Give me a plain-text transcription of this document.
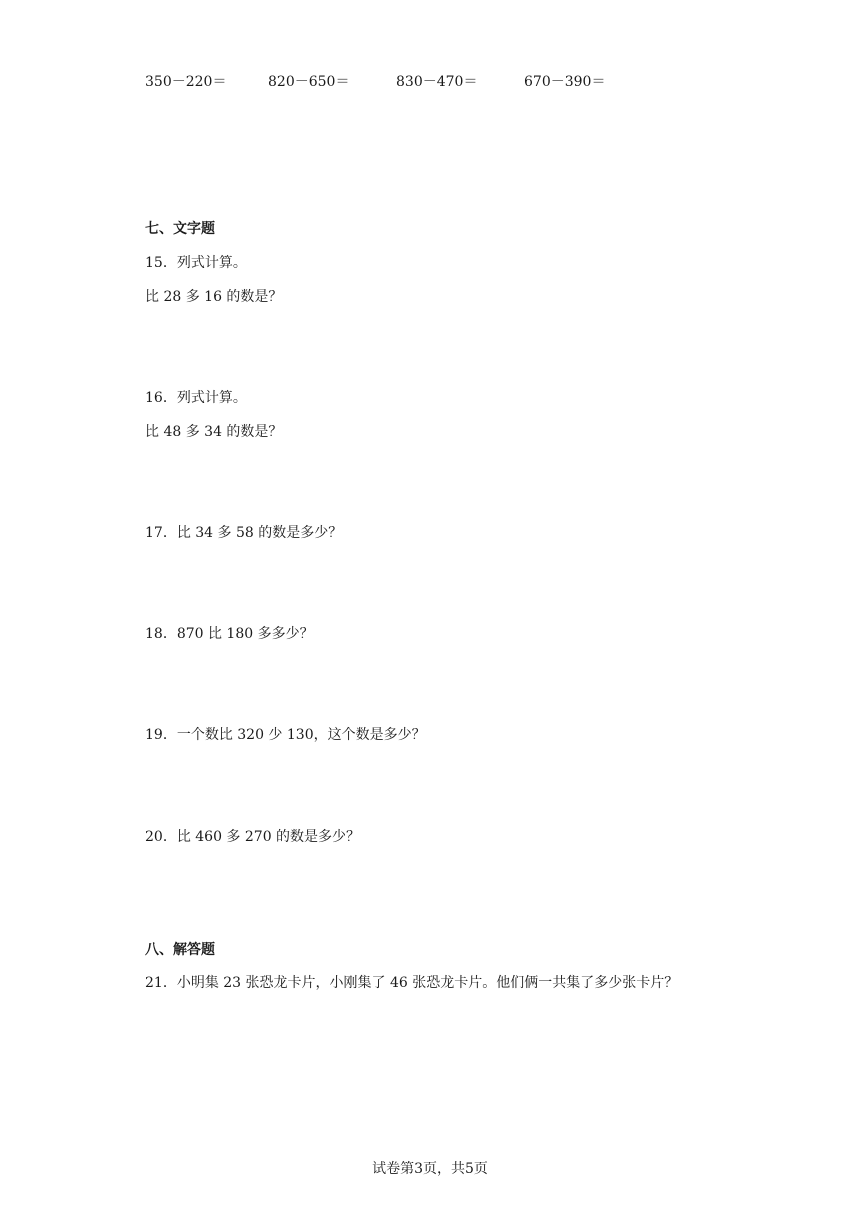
350－220＝	820－650＝	830－470＝	670－390＝
七、文字题
15．列式计算。
比 28 多 16 的数是？
16．列式计算。
比 48 多 34 的数是？
17．比 34 多 58 的数是多少？
18．870 比 180 多多少？
19．一个数比 320 少 130，这个数是多少？
20．比 460 多 270 的数是多少？
八、解答题
21．小明集 23 张恐龙卡片，小刚集了 46 张恐龙卡片。他们俩一共集了多少张卡片？
试卷第3页，共5页
